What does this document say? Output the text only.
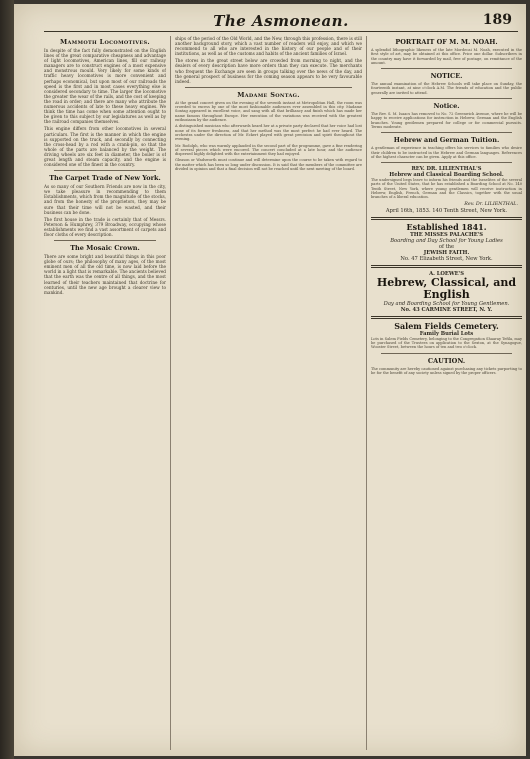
The Asmonean.	189
Mammoth Locomotives.

In despite of the fact fully demonstrated on the English lines of the great comparative cheapness and advantage of light locomotives, American lines, fill our railway managers are to construct engines of a most expensive and monstrous mould. Very likely for some kinds of traffic heavy locomotives is more convenient and perhaps economical, but upon most of our railroads the speed is the first and in most cases everything else is considered secondary to time. The larger the locomotive the greater the wear of the rails, and the cost of keeping the road in order; and there are many who attribute the numerous accidents of late to these heavy engines. We think the time has come when some attention ought to be given to this subject by our legislatures as well as by the railroad companies themselves.

This engine differs from other locomotives in several particulars. The first is the manner in which the engine is supported on the truck, and secondly by connecting the cross-head by a rod with a crank-pin, so that the whole of the parts are balanced by the weight. The driving wheels are six feet in diameter, the boiler is of great length and steam capacity, and the engine is considered one of the finest in the country.

The Carpet Trade of New York.

As so many of our Southern Friends are now in the city, we take pleasure in recommending to them Establishments, which from the magnitude of the stocks, and from the honesty of the proprietors, they may be sure that their time will not be wasted, and their business can be done.

The first house in the trade is certainly that of Messrs. Peterson & Humphrey, 379 Broadway, occupying whose establishments we find a vast assortment of carpets and floor cloths of every description.

The Mosaic Crown.

There are some bright and beautiful things in this poor globe of ours; the philosophy of many ages, of the most eminent men of all the old time, is now laid before the world in a light that is remarkable. The ancients believed that the earth was the centre of all things, and the most learned of their teachers maintained that doctrine for centuries, until the new age brought a clearer view to mankind.

ships of the period of the Old World, and the New, through this profession, there is still another background story, which a vast number of readers will enjoy, and which we recommend to all who are interested in the history of our people and of their institutions, as well as of the customs and habits of the ancient families of Israel.

The stores in the great street below are crowded from morning to night, and the dealers of every description have more orders than they can execute. The merchants who frequent the Exchange are seen in groups talking over the news of the day, and the general prospect of business for the coming season appears to be very favourable indeed.

Madame Sontag.

At the grand concert given on the evening of the seventh instant at Metropolitan Hall, the room was crowded to excess by one of the most fashionable audiences ever assembled in this city. Madame Sontag appeared in excellent voice, and sang with all that brilliancy and finish which has made her name famous throughout Europe. Her execution of the variations was received with the greatest enthusiasm by the audience.

A distinguished musician who afterwards heard her at a private party declared that her voice had lost none of its former freshness, and that her method was the most perfect he had ever heard. The orchestra under the direction of Mr. Eckert played with great precision and spirit throughout the evening.

Mr. Rodolph, who was warmly applauded in the second part of the programme, gave a fine rendering of several pieces which were encored. The concert concluded at a late hour, and the audience dispersed highly delighted with the entertainment they had enjoyed.

Gleason or Wadsworth must continue and will determine upon the course to be taken with regard to the matter which has been so long under discussion. It is said that the members of the committee are divided in opinion and that a final decision will not be reached until the next meeting of the board.

PORTRAIT OF M. M. NOAH.

A splendid lithographic likeness of the late Mordecai M. Noah, executed in the first style of art, may be obtained at this office. Price one dollar. Subscribers in the country may have it forwarded by mail, free of postage, on remittance of the amount.

NOTICE.

The annual examination of the Hebrew Schools will take place on Sunday, the fourteenth instant, at nine o'clock A.M. The friends of education and the public generally are invited to attend.

Notice.

The Rev. S. M. Isaacs has removed to No. 72 Greenwich Avenue, where he will be happy to receive applications for instruction in Hebrew, German and the English branches. Young gentlemen prepared for college or for commercial pursuits. Terms moderate.

Hebrew and German Tuition.

A gentleman of experience in teaching offers his services to families who desire their children to be instructed in the Hebrew and German languages. References of the highest character can be given. Apply at this office.

REV. DR. LILIENTHAL'S
Hebrew and Classical Boarding School.

The undersigned begs leave to inform his friends and the Israelites of the several parts of the United States, that he has established a Boarding School at No. 140 Tenth Street, New York, where young gentlemen will receive instruction in Hebrew, English, French, German and the Classics, together with the usual branches of a liberal education.

Rev. Dr. LILIENTHAL.
April 16th, 1853. 140 Tenth Street, New York.
Established 1841.
THE MISSES PALACHE'S
Boarding and Day School for Young Ladies
of the
JEWISH FAITH.
No. 47 Elizabeth Street, New York.
A. LOEWE'S
Hebrew, Classical, and English
Day and Boarding School for Young Gentlemen.
No. 43 CARMINE STREET, N. Y.
Salem Fields Cemetery.
Family Burial Lots

Lots in Salem Fields Cemetery, belonging to the Congregation Shaaray Tefila, may be purchased of the Trustees on application to the Sexton, at the Synagogue, Wooster Street, between the hours of ten and two o'clock.

CAUTION.

The community are hereby cautioned against purchasing any tickets purporting to be for the benefit of any society unless signed by the proper officers.
